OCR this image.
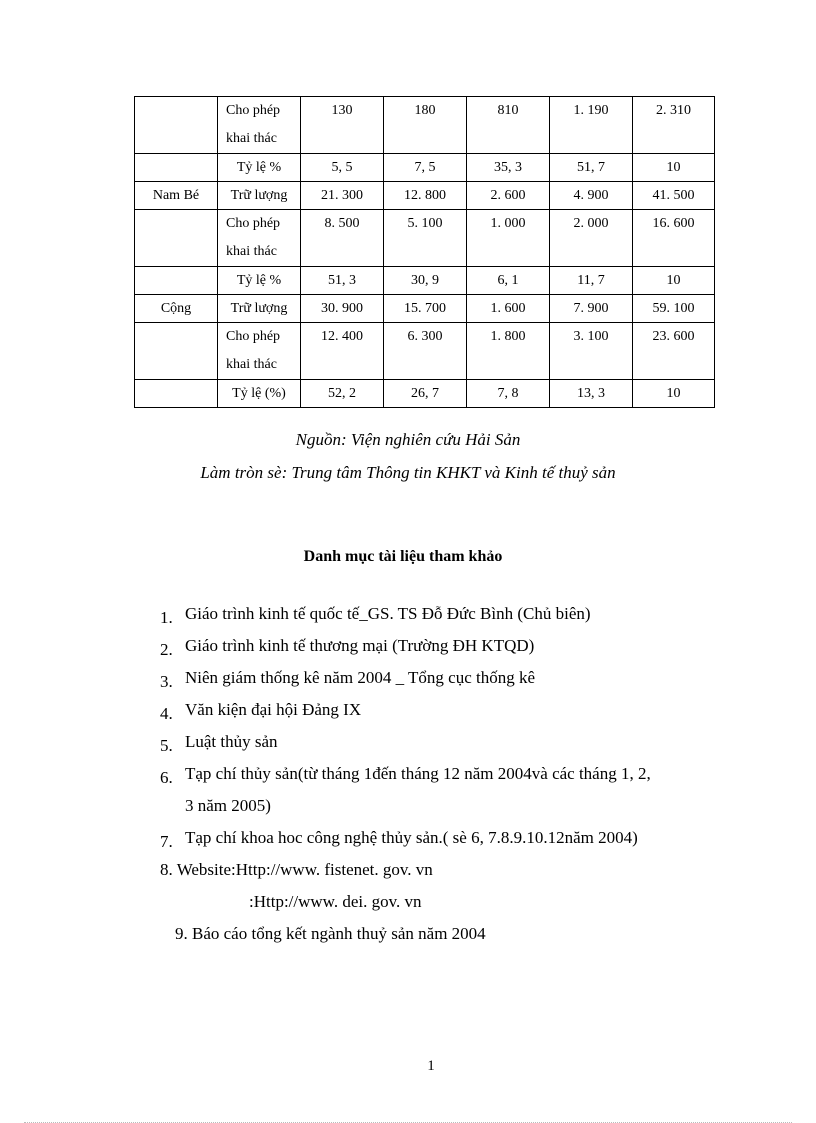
	Cho phép khai thác	130	180	810	1. 190	2. 310
	Tỷ lệ %	5, 5	7, 5	35, 3	51, 7	10
Nam Bé	Trữ lượng	21. 300	12. 800	2. 600	4. 900	41. 500
	Cho phép khai thác	8. 500	5. 100	1. 000	2. 000	16. 600
	Tỷ lệ %	51, 3	30, 9	6, 1	11, 7	10
Cộng	Trữ lượng	30. 900	15. 700	1. 600	7. 900	59. 100
	Cho phép khai thác	12. 400	6. 300	1. 800	3. 100	23. 600
	Tỷ lệ (%)	52, 2	26, 7	7, 8	13, 3	10
Nguồn: Viện nghiên cứu Hải Sản
Làm tròn sè: Trung tâm Thông tin KHKT và Kinh tế thuỷ sản
Danh mục tài liệu tham khảo
1. Giáo trình kinh tế quốc tế_GS. TS Đỗ Đức Bình (Chủ biên)
2. Giáo trình kinh tế thương mại (Trường ĐH KTQD)
3. Niên giám thống kê năm 2004 _ Tổng cục thống kê
4. Văn kiện đại hội Đảng IX
5. Luật thủy sản
6. Tạp chí thủy sản(từ tháng 1đến tháng 12 năm 2004và các tháng 1, 2,
3 năm 2005)
7. Tạp chí khoa hoc công nghệ thủy sản.( sè 6, 7.8.9.10.12năm 2004)
8. Website:Http://www. fistenet. gov. vn
:Http://www. dei. gov. vn
9. Báo cáo tổng kết ngành thuỷ sản năm 2004
1
